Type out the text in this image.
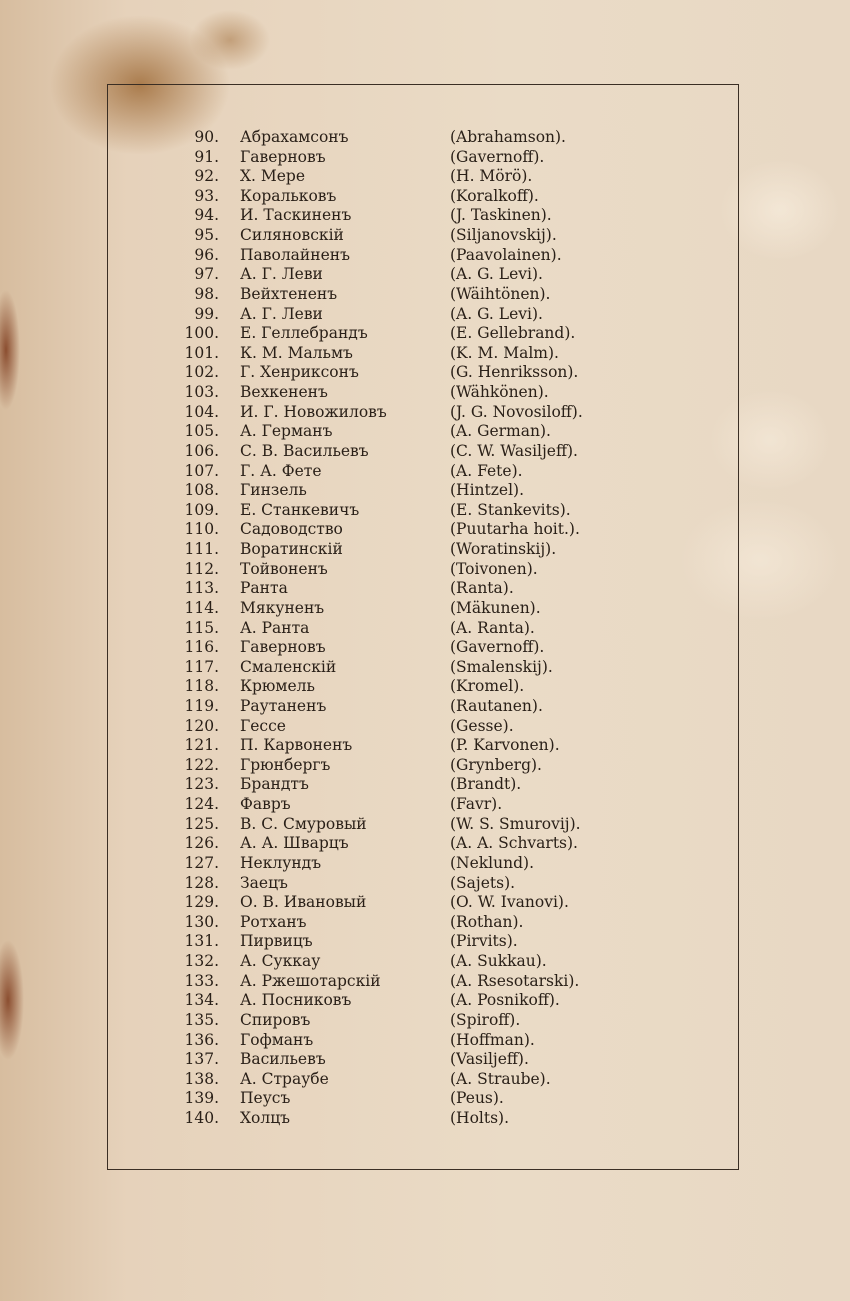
90. Абрахамсонъ	(Abrahamson).
91. Гаверновъ	(Gavernoff).
92. Х. Мере	(H. Mörö).
93. Коральковъ	(Koralkoff).
94. И. Таскиненъ	(J. Taskinen).
95. Силяновскій	(Siljanovskij).
96. Паволайненъ	(Paavolainen).
97. А. Г. Леви	(A. G. Levi).
98. Вейхтененъ	(Wäihtönen).
99. А. Г. Леви	(A. G. Levi).
100. Е. Геллебрандъ	(E. Gellebrand).
101. К. М. Мальмъ	(K. M. Malm).
102. Г. Хенриксонъ	(G. Henriksson).
103. Вехкененъ	(Wähkönen).
104. И. Г. Новожиловъ	(J. G. Novosiloff).
105. А. Германъ	(A. German).
106. С. В. Васильевъ	(C. W. Wasiljeff).
107. Г. А. Фете	(A. Fete).
108. Гинзель	(Hintzel).
109. Е. Станкевичъ	(E. Stankevits).
110. Садоводство	(Puutarha hoit.).
111. Воратинскій	(Woratinskij).
112. Тойвоненъ	(Toivonen).
113. Ранта	(Ranta).
114. Мякуненъ	(Mäkunen).
115. А. Ранта	(A. Ranta).
116. Гаверновъ	(Gavernoff).
117. Смаленскій	(Smalenskij).
118. Крюмель	(Kromel).
119. Раутаненъ	(Rautanen).
120. Гессе	(Gesse).
121. П. Карвоненъ	(P. Karvonen).
122. Грюнбергъ	(Grynberg).
123. Брандтъ	(Brandt).
124. Фавръ	(Favr).
125. В. С. Смуровый	(W. S. Smurovij).
126. А. А. Шварцъ	(A. A. Schvarts).
127. Неклундъ	(Neklund).
128. Заецъ	(Sajets).
129. О. В. Ивановый	(O. W. Ivanovi).
130. Ротханъ	(Rothan).
131. Пирвицъ	(Pirvits).
132. А. Суккау	(A. Sukkau).
133. А. Ржешотарскій	(A. Rsesotarski).
134. А. Посниковъ	(A. Posnikoff).
135. Спировъ	(Spiroff).
136. Гофманъ	(Hoffman).
137. Васильевъ	(Vasiljeff).
138. А. Страубе	(A. Straube).
139. Пеусъ	(Peus).
140. Холцъ	(Holts).
